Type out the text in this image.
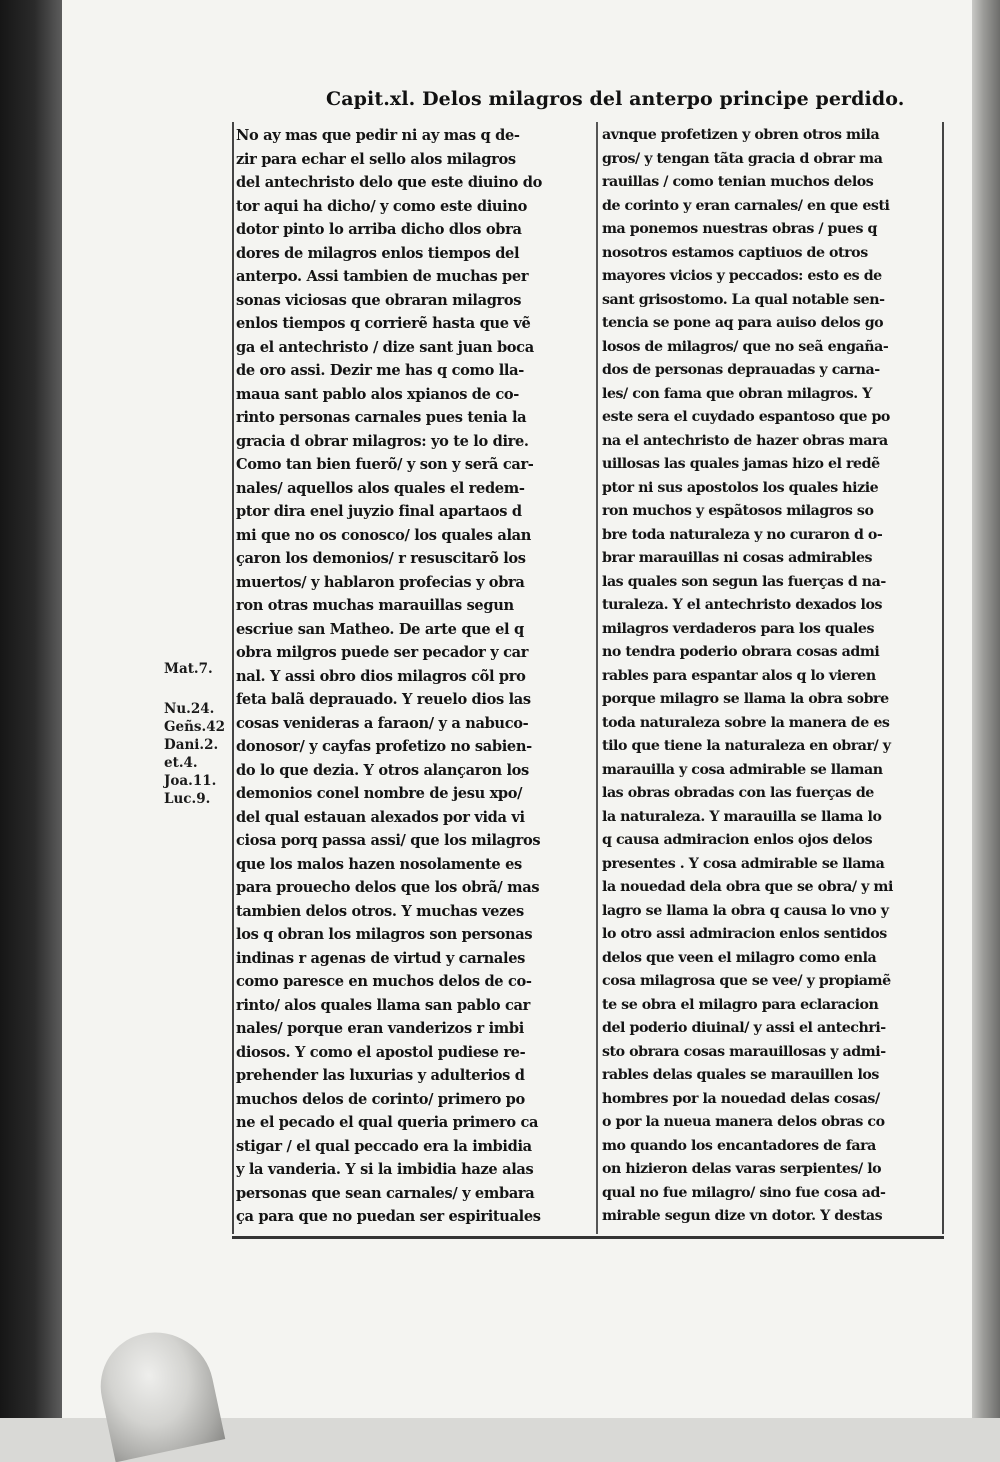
Capit.xl. Delos milagros del anterpo principe perdido.
No ay mas que pedir ni ay mas q de-
zir para echar el sello alos milagros
del antechristo delo que este diuino do
tor aqui ha dicho/ y como este diuino
dotor pinto lo arriba dicho dlos obra
dores de milagros enlos tiempos del
anterpo. Assi tambien de muchas per
sonas viciosas que obraran milagros
enlos tiempos q corrierẽ hasta que vẽ
ga el antechristo / dize sant juan boca
de oro assi. Dezir me has q como lla-
maua sant pablo alos xpianos de co-
rinto personas carnales pues tenia la
gracia d obrar milagros: yo te lo dire.
Como tan bien fuerõ/ y son y serã car-
nales/ aquellos alos quales el redem-
ptor dira enel juyzio final apartaos d
mi que no os conosco/ los quales alan
çaron los demonios/ r resuscitarõ los
muertos/ y hablaron profecias y obra
ron otras muchas marauillas segun
escriue san Matheo. De arte que el q
obra milgros puede ser pecador y car
nal. Y assi obro dios milagros cõl pro
feta balã deprauado. Y reuelo dios las
cosas venideras a faraon/ y a nabuco-
donosor/ y cayfas profetizo no sabien-
do lo que dezia. Y otros alançaron los
demonios conel nombre de jesu xpo/
del qual estauan alexados por vida vi
ciosa porq passa assi/ que los milagros
que los malos hazen nosolamente es
para prouecho delos que los obrã/ mas
tambien delos otros. Y muchas vezes
los q obran los milagros son personas
indinas r agenas de virtud y carnales
como paresce en muchos delos de co-
rinto/ alos quales llama san pablo car
nales/ porque eran vanderizos r imbi
diosos. Y como el apostol pudiese re-
prehender las luxurias y adulterios d
muchos delos de corinto/ primero po
ne el pecado el qual queria primero ca
stigar / el qual peccado era la imbidia
y la vanderia. Y si la imbidia haze alas
personas que sean carnales/ y embara
ça para que no puedan ser espirituales
avnque profetizen y obren otros mila
gros/ y tengan tãta gracia d obrar ma
rauillas / como tenian muchos delos
de corinto y eran carnales/ en que esti
ma ponemos nuestras obras / pues q
nosotros estamos captiuos de otros
mayores vicios y peccados: esto es de
sant grisostomo. La qual notable sen-
tencia se pone aq para auiso delos go
losos de milagros/ que no seã engaña-
dos de personas deprauadas y carna-
les/ con fama que obran milagros. Y
este sera el cuydado espantoso que po
na el antechristo de hazer obras mara
uillosas las quales jamas hizo el redẽ
ptor ni sus apostolos los quales hizie
ron muchos y espãtosos milagros so
bre toda naturaleza y no curaron d o-
brar marauillas ni cosas admirables
las quales son segun las fuerças d na-
turaleza. Y el antechristo dexados los
milagros verdaderos para los quales
no tendra poderio obrara cosas admi
rables para espantar alos q lo vieren
porque milagro se llama la obra sobre
toda naturaleza sobre la manera de es
tilo que tiene la naturaleza en obrar/ y
marauilla y cosa admirable se llaman
las obras obradas con las fuerças de
la naturaleza. Y marauilla se llama lo
q causa admiracion enlos ojos delos
presentes . Y cosa admirable se llama
la nouedad dela obra que se obra/ y mi
lagro se llama la obra q causa lo vno y
lo otro assi admiracion enlos sentidos
delos que veen el milagro como enla
cosa milagrosa que se vee/ y propiamẽ
te se obra el milagro para eclaracion
del poderio diuinal/ y assi el antechri-
sto obrara cosas marauillosas y admi-
rables delas quales se marauillen los
hombres por la nouedad delas cosas/
o por la nueua manera delos obras co
mo quando los encantadores de fara
on hizieron delas varas serpientes/ lo
qual no fue milagro/ sino fue cosa ad-
mirable segun dize vn dotor. Y destas
Mat.7.
Nu.24.
Geñs.42
Dani.2.
et.4.
Joa.11.
Luc.9.
